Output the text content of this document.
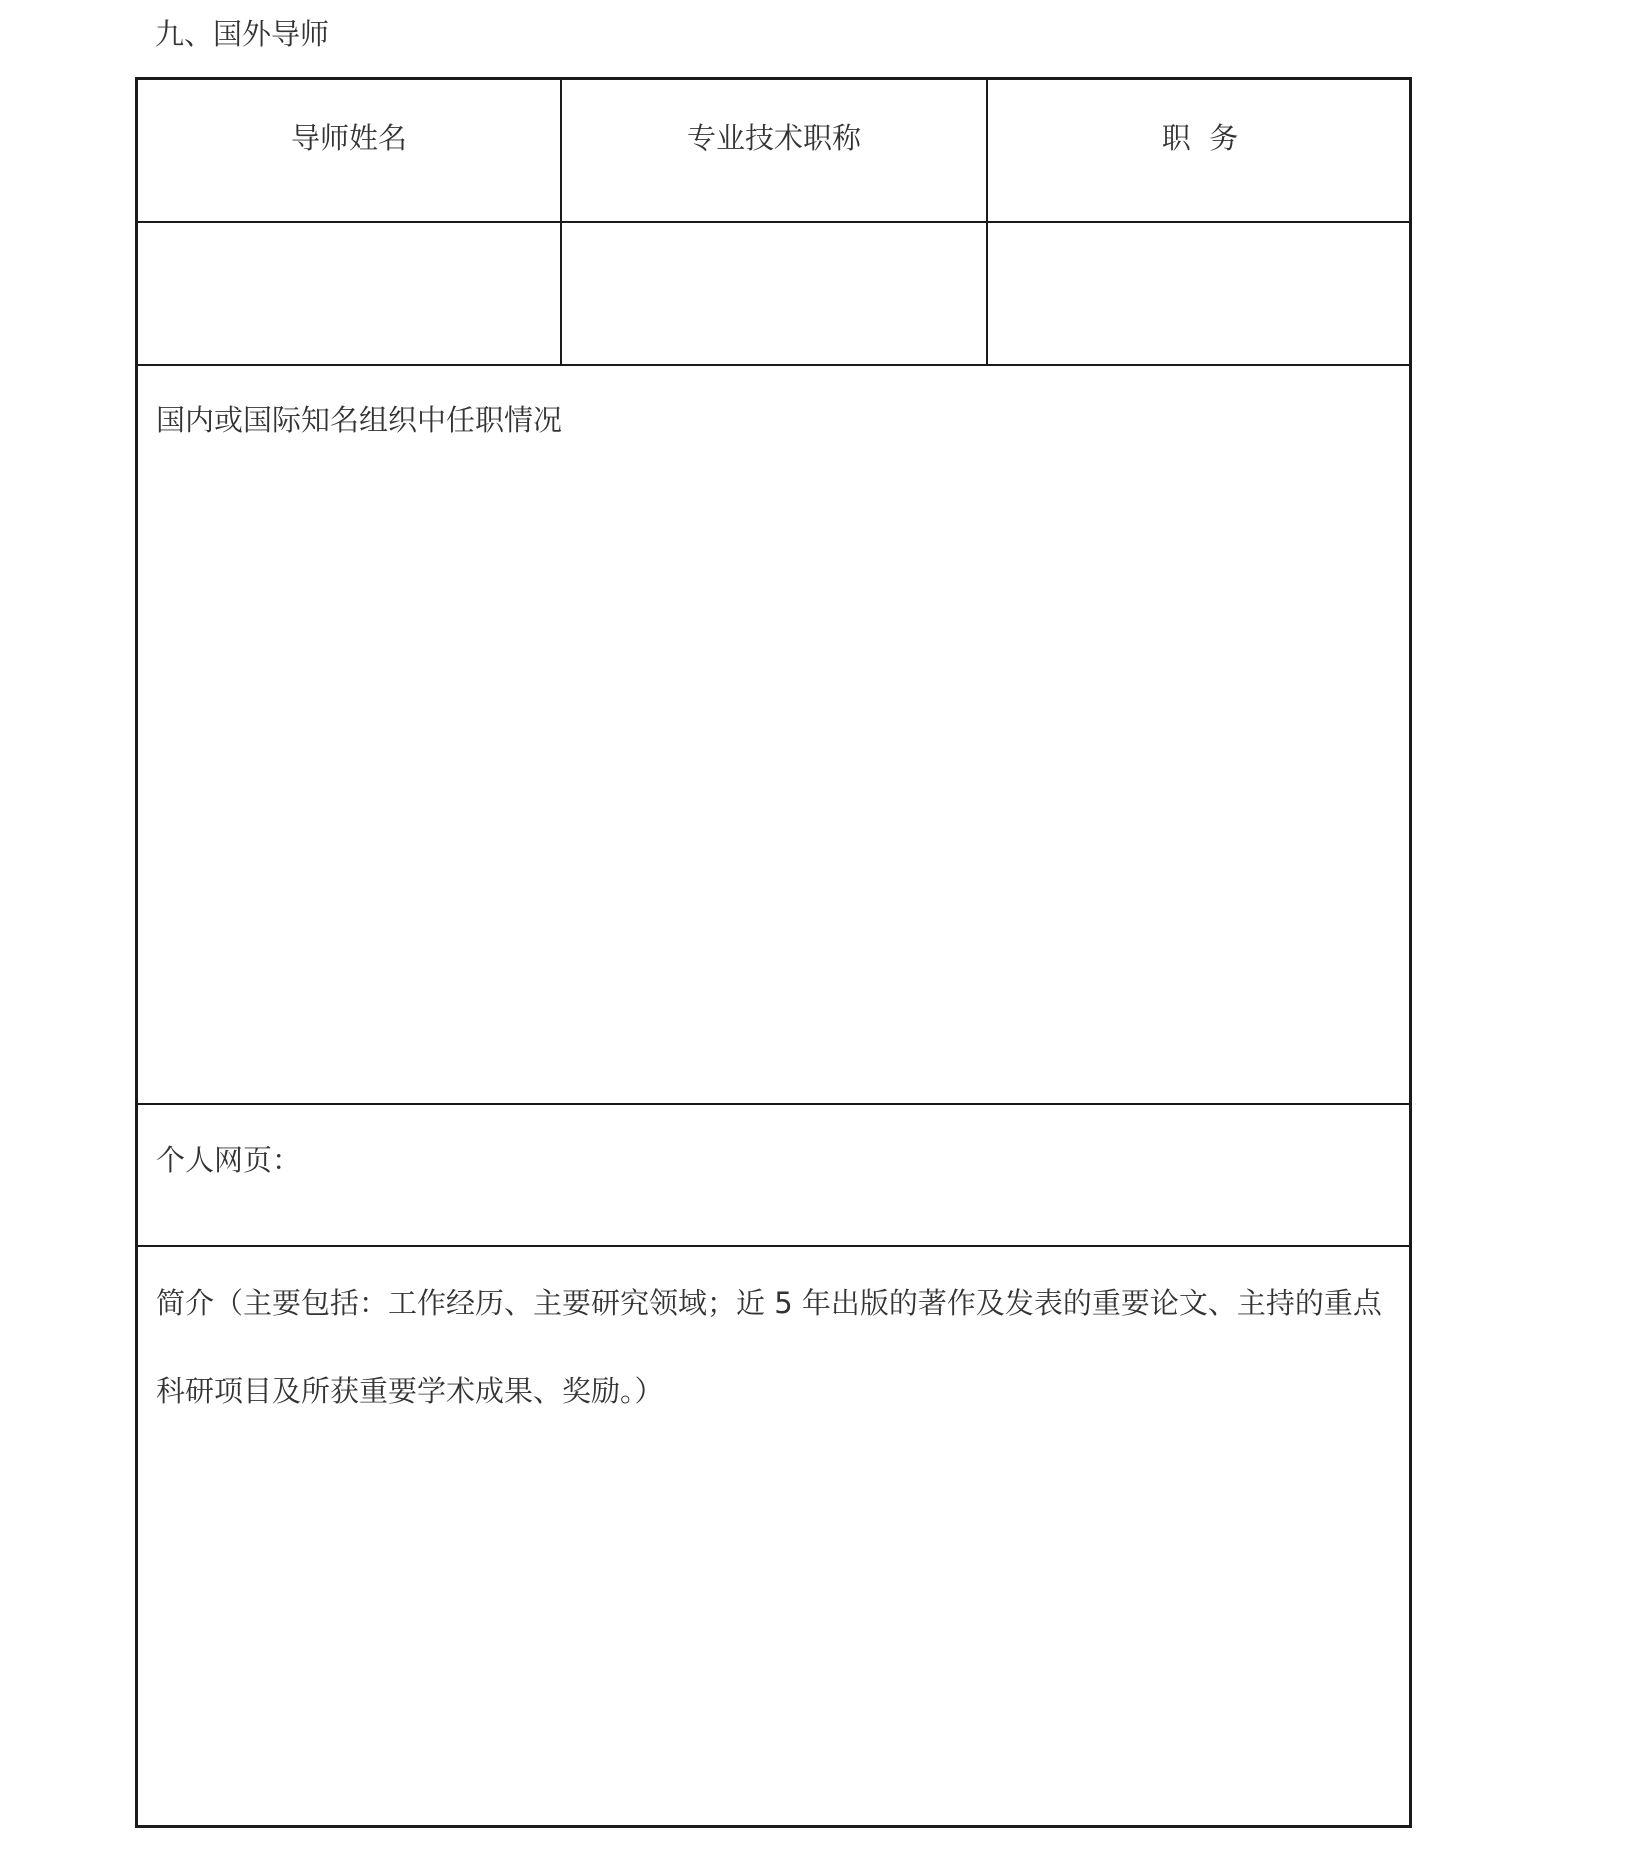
九、国外导师
导师姓名	专业技术职称	职  务
国内或国际知名组织中任职情况
个人网页：
简介（主要包括：工作经历、主要研究领域；近 5 年出版的著作及发表的重要论文、主持的重点
科研项目及所获重要学术成果、奖励。）
